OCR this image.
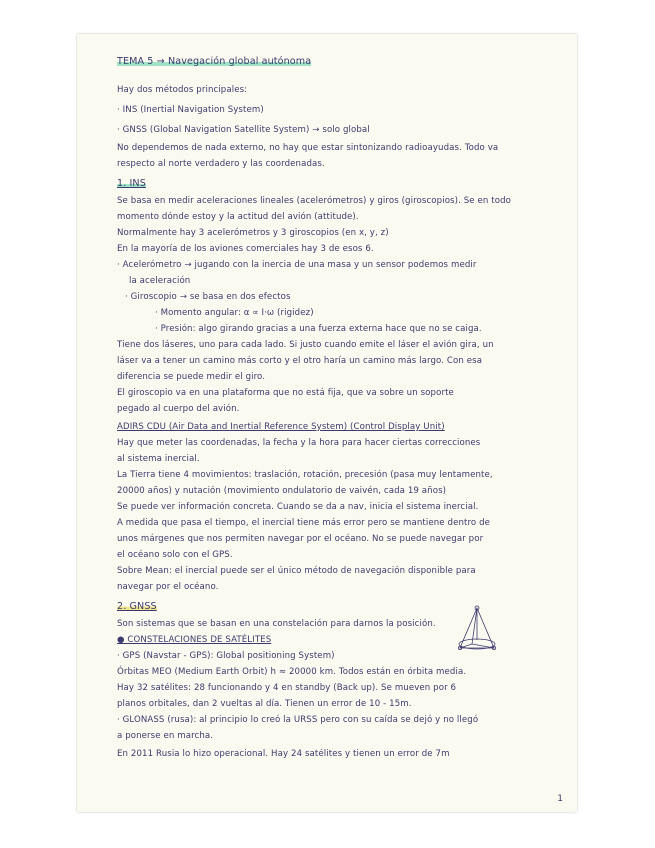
TEMA 5 → Navegación global autónoma
Hay dos métodos principales:
· INS (Inertial Navigation System)
· GNSS (Global Navigation Satellite System) → solo global
No dependemos de nada externo, no hay que estar sintonizando radioayudas. Todo va
respecto al norte verdadero y las coordenadas.
1. INS
Se basa en medir aceleraciones lineales (acelerómetros) y giros (giroscopios). Se en todo
momento dónde estoy y la actitud del avión (attitude).
Normalmente hay 3 acelerómetros y 3 giroscopios (en x, y, z)
En la mayoría de los aviones comerciales hay 3 de esos 6.
· Acelerómetro → jugando con la inercia de una masa y un sensor podemos medir
la aceleración
· Giroscopio → se basa en dos efectos
· Momento angular: α ∝ I·ω (rigidez)
· Presión: algo girando gracias a una fuerza externa hace que no se caiga.
Tiene dos láseres, uno para cada lado. Si justo cuando emite el láser el avión gira, un
láser va a tener un camino más corto y el otro haría un camino más largo. Con esa
diferencia se puede medir el giro.
El giroscopio va en una plataforma que no está fija, que va sobre un soporte
pegado al cuerpo del avión.
ADIRS CDU (Air Data and Inertial Reference System) (Control Display Unit)
Hay que meter las coordenadas, la fecha y la hora para hacer ciertas correcciones
al sistema inercial.
La Tierra tiene 4 movimientos: traslación, rotación, precesión (pasa muy lentamente,
20000 años) y nutación (movimiento ondulatorio de vaivén, cada 19 años)
Se puede ver información concreta. Cuando se da a nav, inicia el sistema inercial.
A medida que pasa el tiempo, el inercial tiene más error pero se mantiene dentro de
unos márgenes que nos permiten navegar por el océano. No se puede navegar por
el océano solo con el GPS.
Sobre Mean: el inercial puede ser el único método de navegación disponible para
navegar por el océano.
2. GNSS
Son sistemas que se basan en una constelación para darnos la posición.
● CONSTELACIONES DE SATÉLITES
· GPS (Navstar - GPS): Global positioning System)
Órbitas MEO (Medium Earth Orbit) h ≈ 20000 km. Todos están en órbita media.
Hay 32 satélites: 28 funcionando y 4 en standby (Back up). Se mueven por 6
planos orbitales, dan 2 vueltas al día. Tienen un error de 10 - 15m.
· GLONASS (rusa): al principio lo creó la URSS pero con su caída se dejó y no llegó
a ponerse en marcha.
En 2011 Rusia lo hizo operacional. Hay 24 satélites y tienen un error de 7m
1
